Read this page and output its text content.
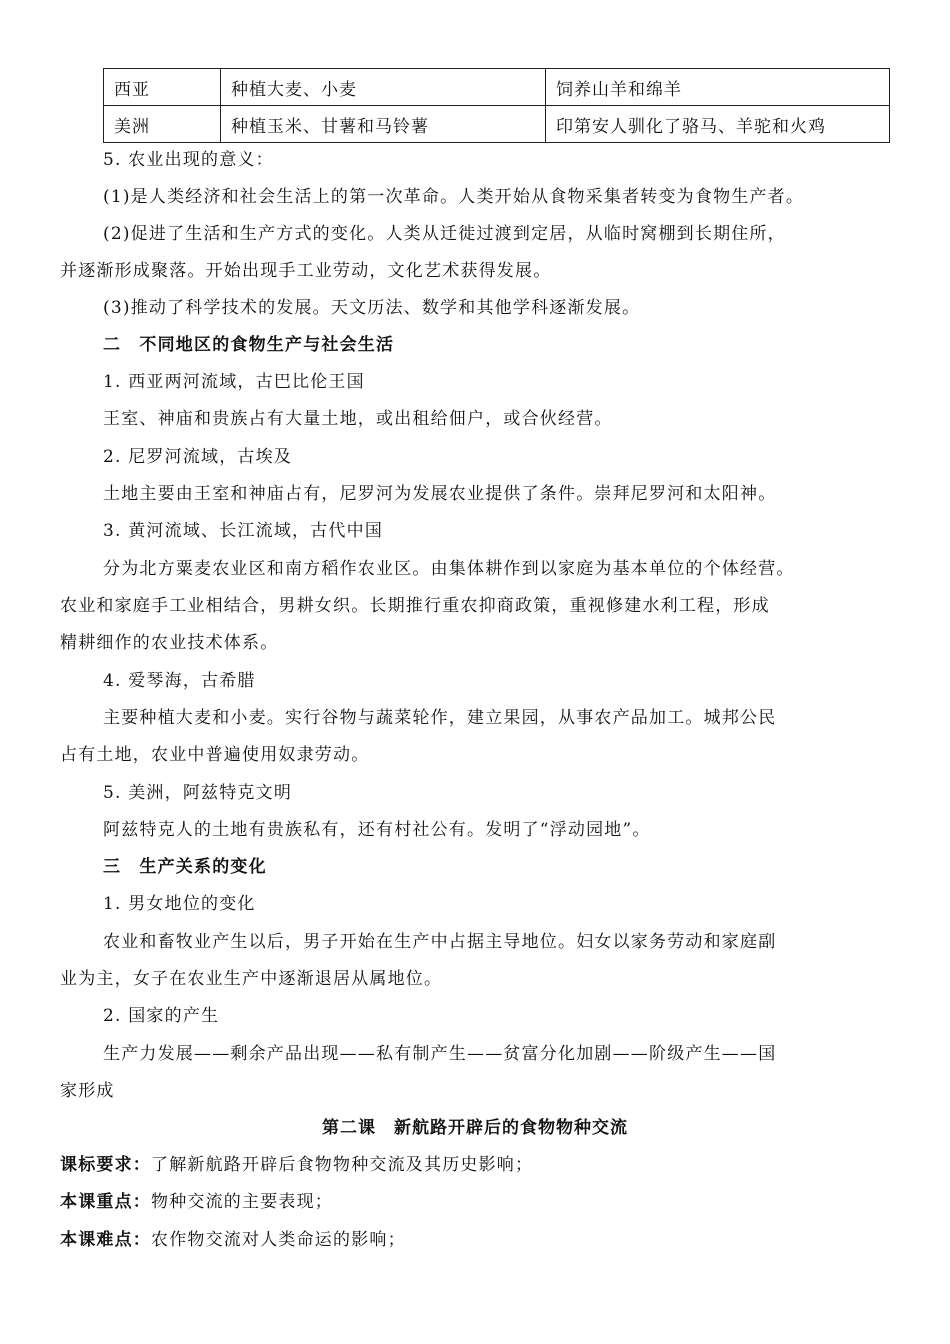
西亚	种植大麦、小麦	饲养山羊和绵羊
美洲	种植玉米、甘薯和马铃薯	印第安人驯化了骆马、羊驼和火鸡
5. 农业出现的意义：
(1)是人类经济和社会生活上的第一次革命。人类开始从食物采集者转变为食物生产者。
(2)促进了生活和生产方式的变化。人类从迁徙过渡到定居，从临时窝棚到长期住所，
并逐渐形成聚落。开始出现手工业劳动，文化艺术获得发展。
(3)推动了科学技术的发展。天文历法、数学和其他学科逐渐发展。
二　不同地区的食物生产与社会生活
1. 西亚两河流域，古巴比伦王国
王室、神庙和贵族占有大量土地，或出租给佃户，或合伙经营。
2. 尼罗河流域，古埃及
土地主要由王室和神庙占有，尼罗河为发展农业提供了条件。崇拜尼罗河和太阳神。
3. 黄河流域、长江流域，古代中国
分为北方粟麦农业区和南方稻作农业区。由集体耕作到以家庭为基本单位的个体经营。
农业和家庭手工业相结合，男耕女织。长期推行重农抑商政策，重视修建水利工程，形成
精耕细作的农业技术体系。
4. 爱琴海，古希腊
主要种植大麦和小麦。实行谷物与蔬菜轮作，建立果园，从事农产品加工。城邦公民
占有土地，农业中普遍使用奴隶劳动。
5. 美洲，阿兹特克文明
阿兹特克人的土地有贵族私有，还有村社公有。发明了“浮动园地”。
三　生产关系的变化
1. 男女地位的变化
农业和畜牧业产生以后，男子开始在生产中占据主导地位。妇女以家务劳动和家庭副
业为主，女子在农业生产中逐渐退居从属地位。
2. 国家的产生
生产力发展——剩余产品出现——私有制产生——贫富分化加剧——阶级产生——国
家形成
第二课　新航路开辟后的食物物种交流
课标要求：了解新航路开辟后食物物种交流及其历史影响；
本课重点：物种交流的主要表现；
本课难点：农作物交流对人类命运的影响；
